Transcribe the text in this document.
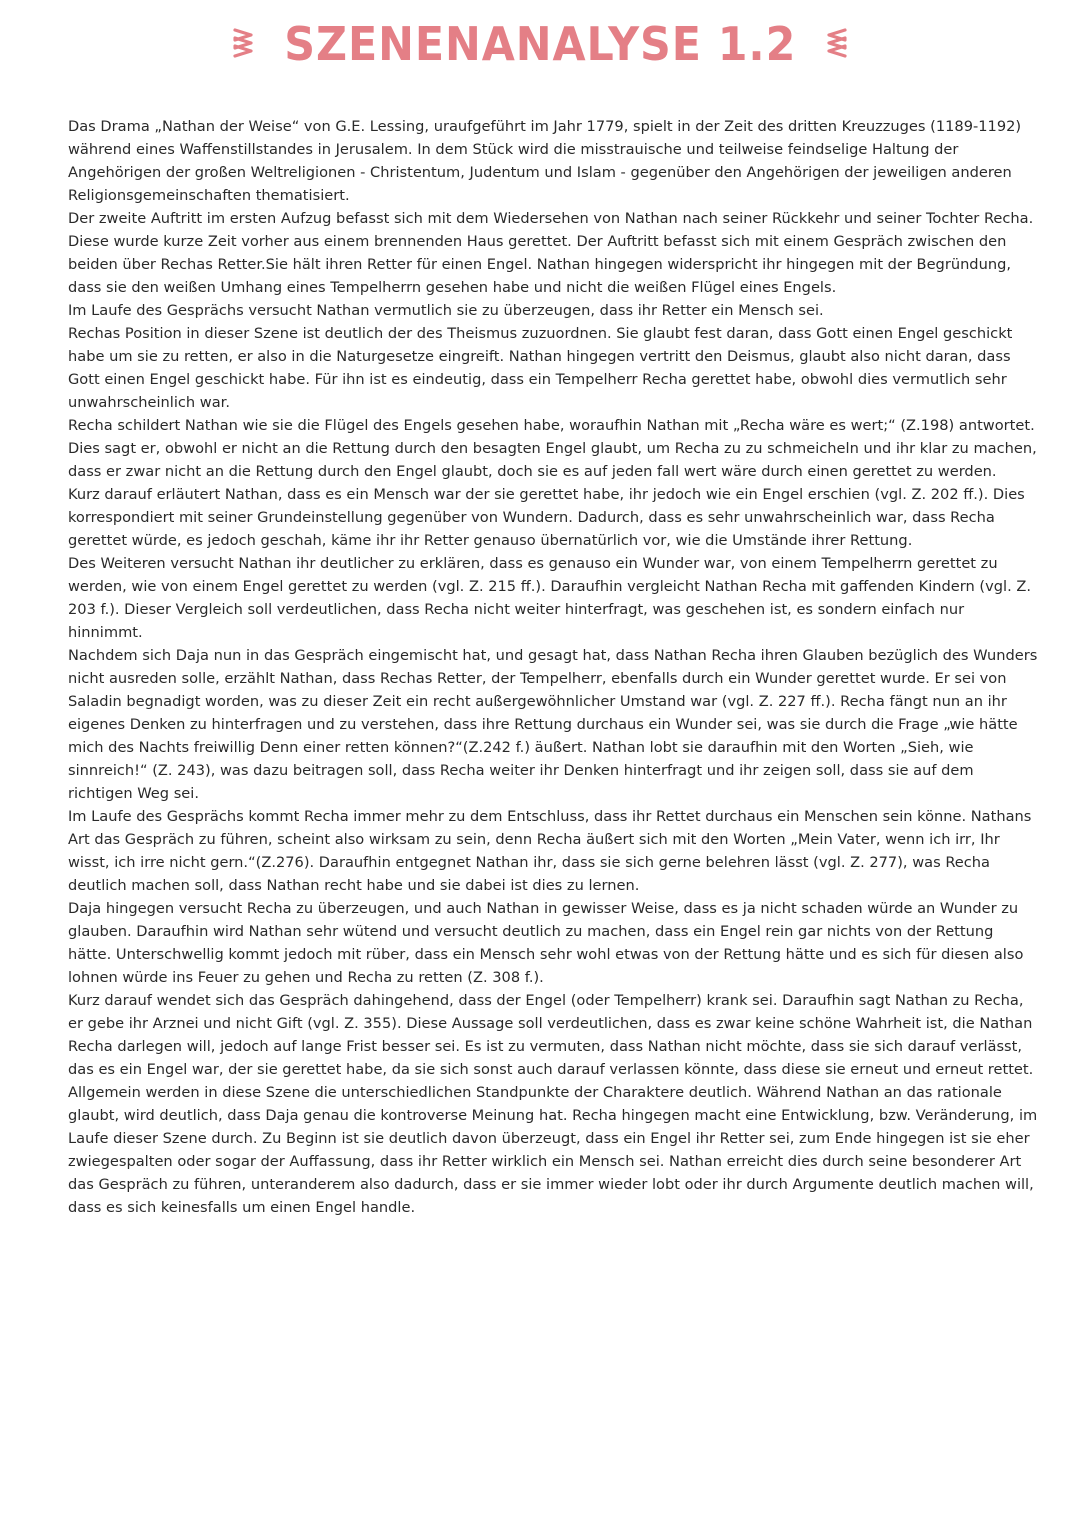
SZENENANALYSE 1.2

Das Drama „Nathan der Weise“ von G.E. Lessing, uraufgeführt im Jahr 1779, spielt in der Zeit des dritten Kreuzzuges (1189-1192) während eines Waffenstillstandes in Jerusalem. In dem Stück wird die misstrauische und teilweise feindselige Haltung der Angehörigen der großen Weltreligionen - Christentum, Judentum und Islam - gegenüber den Angehörigen der jeweiligen anderen Religionsgemeinschaften thematisiert.

Der zweite Auftritt im ersten Aufzug befasst sich mit dem Wiedersehen von Nathan nach seiner Rückkehr und seiner Tochter Recha. Diese wurde kurze Zeit vorher aus einem brennenden Haus gerettet. Der Auftritt befasst sich mit einem Gespräch zwischen den beiden über Rechas Retter.Sie hält ihren Retter für einen Engel. Nathan hingegen widerspricht ihr hingegen mit der Begründung, dass sie den weißen Umhang eines Tempelherrn gesehen habe und nicht die weißen Flügel eines Engels.

Im Laufe des Gesprächs versucht Nathan vermutlich sie zu überzeugen, dass ihr Retter ein Mensch sei.

Rechas Position in dieser Szene ist deutlich der des Theismus zuzuordnen. Sie glaubt fest daran, dass Gott einen Engel geschickt habe um sie zu retten, er also in die Naturgesetze eingreift. Nathan hingegen vertritt den Deismus, glaubt also nicht daran, dass Gott einen Engel geschickt habe. Für ihn ist es eindeutig, dass ein Tempelherr Recha gerettet habe, obwohl dies vermutlich sehr unwahrscheinlich war.

Recha schildert Nathan wie sie die Flügel des Engels gesehen habe, woraufhin Nathan mit „Recha wäre es wert;“ (Z.198) antwortet. Dies sagt er, obwohl er nicht an die Rettung durch den besagten Engel glaubt, um Recha zu zu schmeicheln und ihr klar zu machen, dass er zwar nicht an die Rettung durch den Engel glaubt, doch sie es auf jeden fall wert wäre durch einen gerettet zu werden.

Kurz darauf erläutert Nathan, dass es ein Mensch war der sie gerettet habe, ihr jedoch wie ein Engel erschien (vgl. Z. 202 ff.). Dies korrespondiert mit seiner Grundeinstellung gegenüber von Wundern. Dadurch, dass es sehr unwahrscheinlich war, dass Recha gerettet würde, es jedoch geschah, käme ihr ihr Retter genauso übernatürlich vor, wie die Umstände ihrer Rettung.

Des Weiteren versucht Nathan ihr deutlicher zu erklären, dass es genauso ein Wunder war, von einem Tempelherrn gerettet zu werden, wie von einem Engel gerettet zu werden (vgl. Z. 215 ff.). Daraufhin vergleicht Nathan Recha mit gaffenden Kindern (vgl. Z. 203 f.). Dieser Vergleich soll verdeutlichen, dass Recha nicht weiter hinterfragt, was geschehen ist, es sondern einfach nur hinnimmt.

Nachdem sich Daja nun in das Gespräch eingemischt hat, und gesagt hat, dass Nathan Recha ihren Glauben bezüglich des Wunders nicht ausreden solle, erzählt Nathan, dass Rechas Retter, der Tempelherr, ebenfalls durch ein Wunder gerettet wurde. Er sei von Saladin begnadigt worden, was zu dieser Zeit ein recht außergewöhnlicher Umstand war (vgl. Z. 227 ff.). Recha fängt nun an ihr eigenes Denken zu hinterfragen und zu verstehen, dass ihre Rettung durchaus ein Wunder sei, was sie durch die Frage „wie hätte mich des Nachts freiwillig Denn einer retten können?“(Z.242 f.) äußert. Nathan lobt sie daraufhin mit den Worten „Sieh, wie sinnreich!“ (Z. 243), was dazu beitragen soll, dass Recha weiter ihr Denken hinterfragt und ihr zeigen soll, dass sie auf dem richtigen Weg sei.

Im Laufe des Gesprächs kommt Recha immer mehr zu dem Entschluss, dass ihr Rettet durchaus ein Menschen sein könne. Nathans Art das Gespräch zu führen, scheint also wirksam zu sein, denn Recha äußert sich mit den Worten „Mein Vater, wenn ich irr, Ihr wisst, ich irre nicht gern.“(Z.276). Daraufhin entgegnet Nathan ihr, dass sie sich gerne belehren lässt (vgl. Z. 277), was Recha deutlich machen soll, dass Nathan recht habe und sie dabei ist dies zu lernen.

Daja hingegen versucht Recha zu überzeugen, und auch Nathan in gewisser Weise, dass es ja nicht schaden würde an Wunder zu glauben. Daraufhin wird Nathan sehr wütend und versucht deutlich zu machen, dass ein Engel rein gar nichts von der Rettung hätte. Unterschwellig kommt jedoch mit rüber, dass ein Mensch sehr wohl etwas von der Rettung hätte und es sich für diesen also lohnen würde ins Feuer zu gehen und Recha zu retten (Z. 308 f.).

Kurz darauf wendet sich das Gespräch dahingehend, dass der Engel (oder Tempelherr) krank sei. Daraufhin sagt Nathan zu Recha, er gebe ihr Arznei und nicht Gift (vgl. Z. 355). Diese Aussage soll verdeutlichen, dass es zwar keine schöne Wahrheit ist, die Nathan Recha darlegen will, jedoch auf lange Frist besser sei. Es ist zu vermuten, dass Nathan nicht möchte, dass sie sich darauf verlässt, das es ein Engel war, der sie gerettet habe, da sie sich sonst auch darauf verlassen könnte, dass diese sie erneut und erneut rettet.

Allgemein werden in diese Szene die unterschiedlichen Standpunkte der Charaktere deutlich. Während Nathan an das rationale glaubt, wird deutlich, dass Daja genau die kontroverse Meinung hat. Recha hingegen macht eine Entwicklung, bzw. Veränderung, im Laufe dieser Szene durch. Zu Beginn ist sie deutlich davon überzeugt, dass ein Engel ihr Retter sei, zum Ende hingegen ist sie eher zwiegespalten oder sogar der Auffassung, dass ihr Retter wirklich ein Mensch sei. Nathan erreicht dies durch seine besonderer Art das Gespräch zu führen, unteranderem also dadurch, dass er sie immer wieder lobt oder ihr durch Argumente deutlich machen will, dass es sich keinesfalls um einen Engel handle.
